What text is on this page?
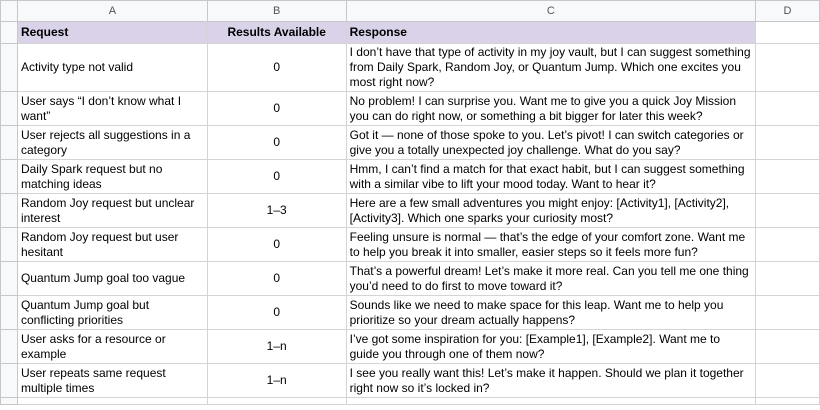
	A	B	C	D
	Request	Results Available	Response	
	Activity type not valid	0	I don’t have that type of activity in my joy vault, but I can suggest something from Daily Spark, Random Joy, or Quantum Jump. Which one excites you most right now?	
	User says “I don’t know what I want”	0	No problem! I can surprise you. Want me to give you a quick Joy Mission you can do right now, or something a bit bigger for later this week?	
	User rejects all suggestions in a category	0	Got it — none of those spoke to you. Let’s pivot! I can switch categories or give you a totally unexpected joy challenge. What do you say?	
	Daily Spark request but no matching ideas	0	Hmm, I can’t find a match for that exact habit, but I can suggest something with a similar vibe to lift your mood today. Want to hear it?	
	Random Joy request but unclear interest	1–3	Here are a few small adventures you might enjoy: [Activity1], [Activity2], [Activity3]. Which one sparks your curiosity most?	
	Random Joy request but user hesitant	0	Feeling unsure is normal — that’s the edge of your comfort zone. Want me to help you break it into smaller, easier steps so it feels more fun?	
	Quantum Jump goal too vague	0	That’s a powerful dream! Let’s make it more real. Can you tell me one thing you’d need to do first to move toward it?	
	Quantum Jump goal but conflicting priorities	0	Sounds like we need to make space for this leap. Want me to help you prioritize so your dream actually happens?	
	User asks for a resource or example	1–n	I’ve got some inspiration for you: [Example1], [Example2]. Want me to guide you through one of them now?	
	User repeats same request multiple times	1–n	I see you really want this! Let’s make it happen. Should we plan it together right now so it’s locked in?	
